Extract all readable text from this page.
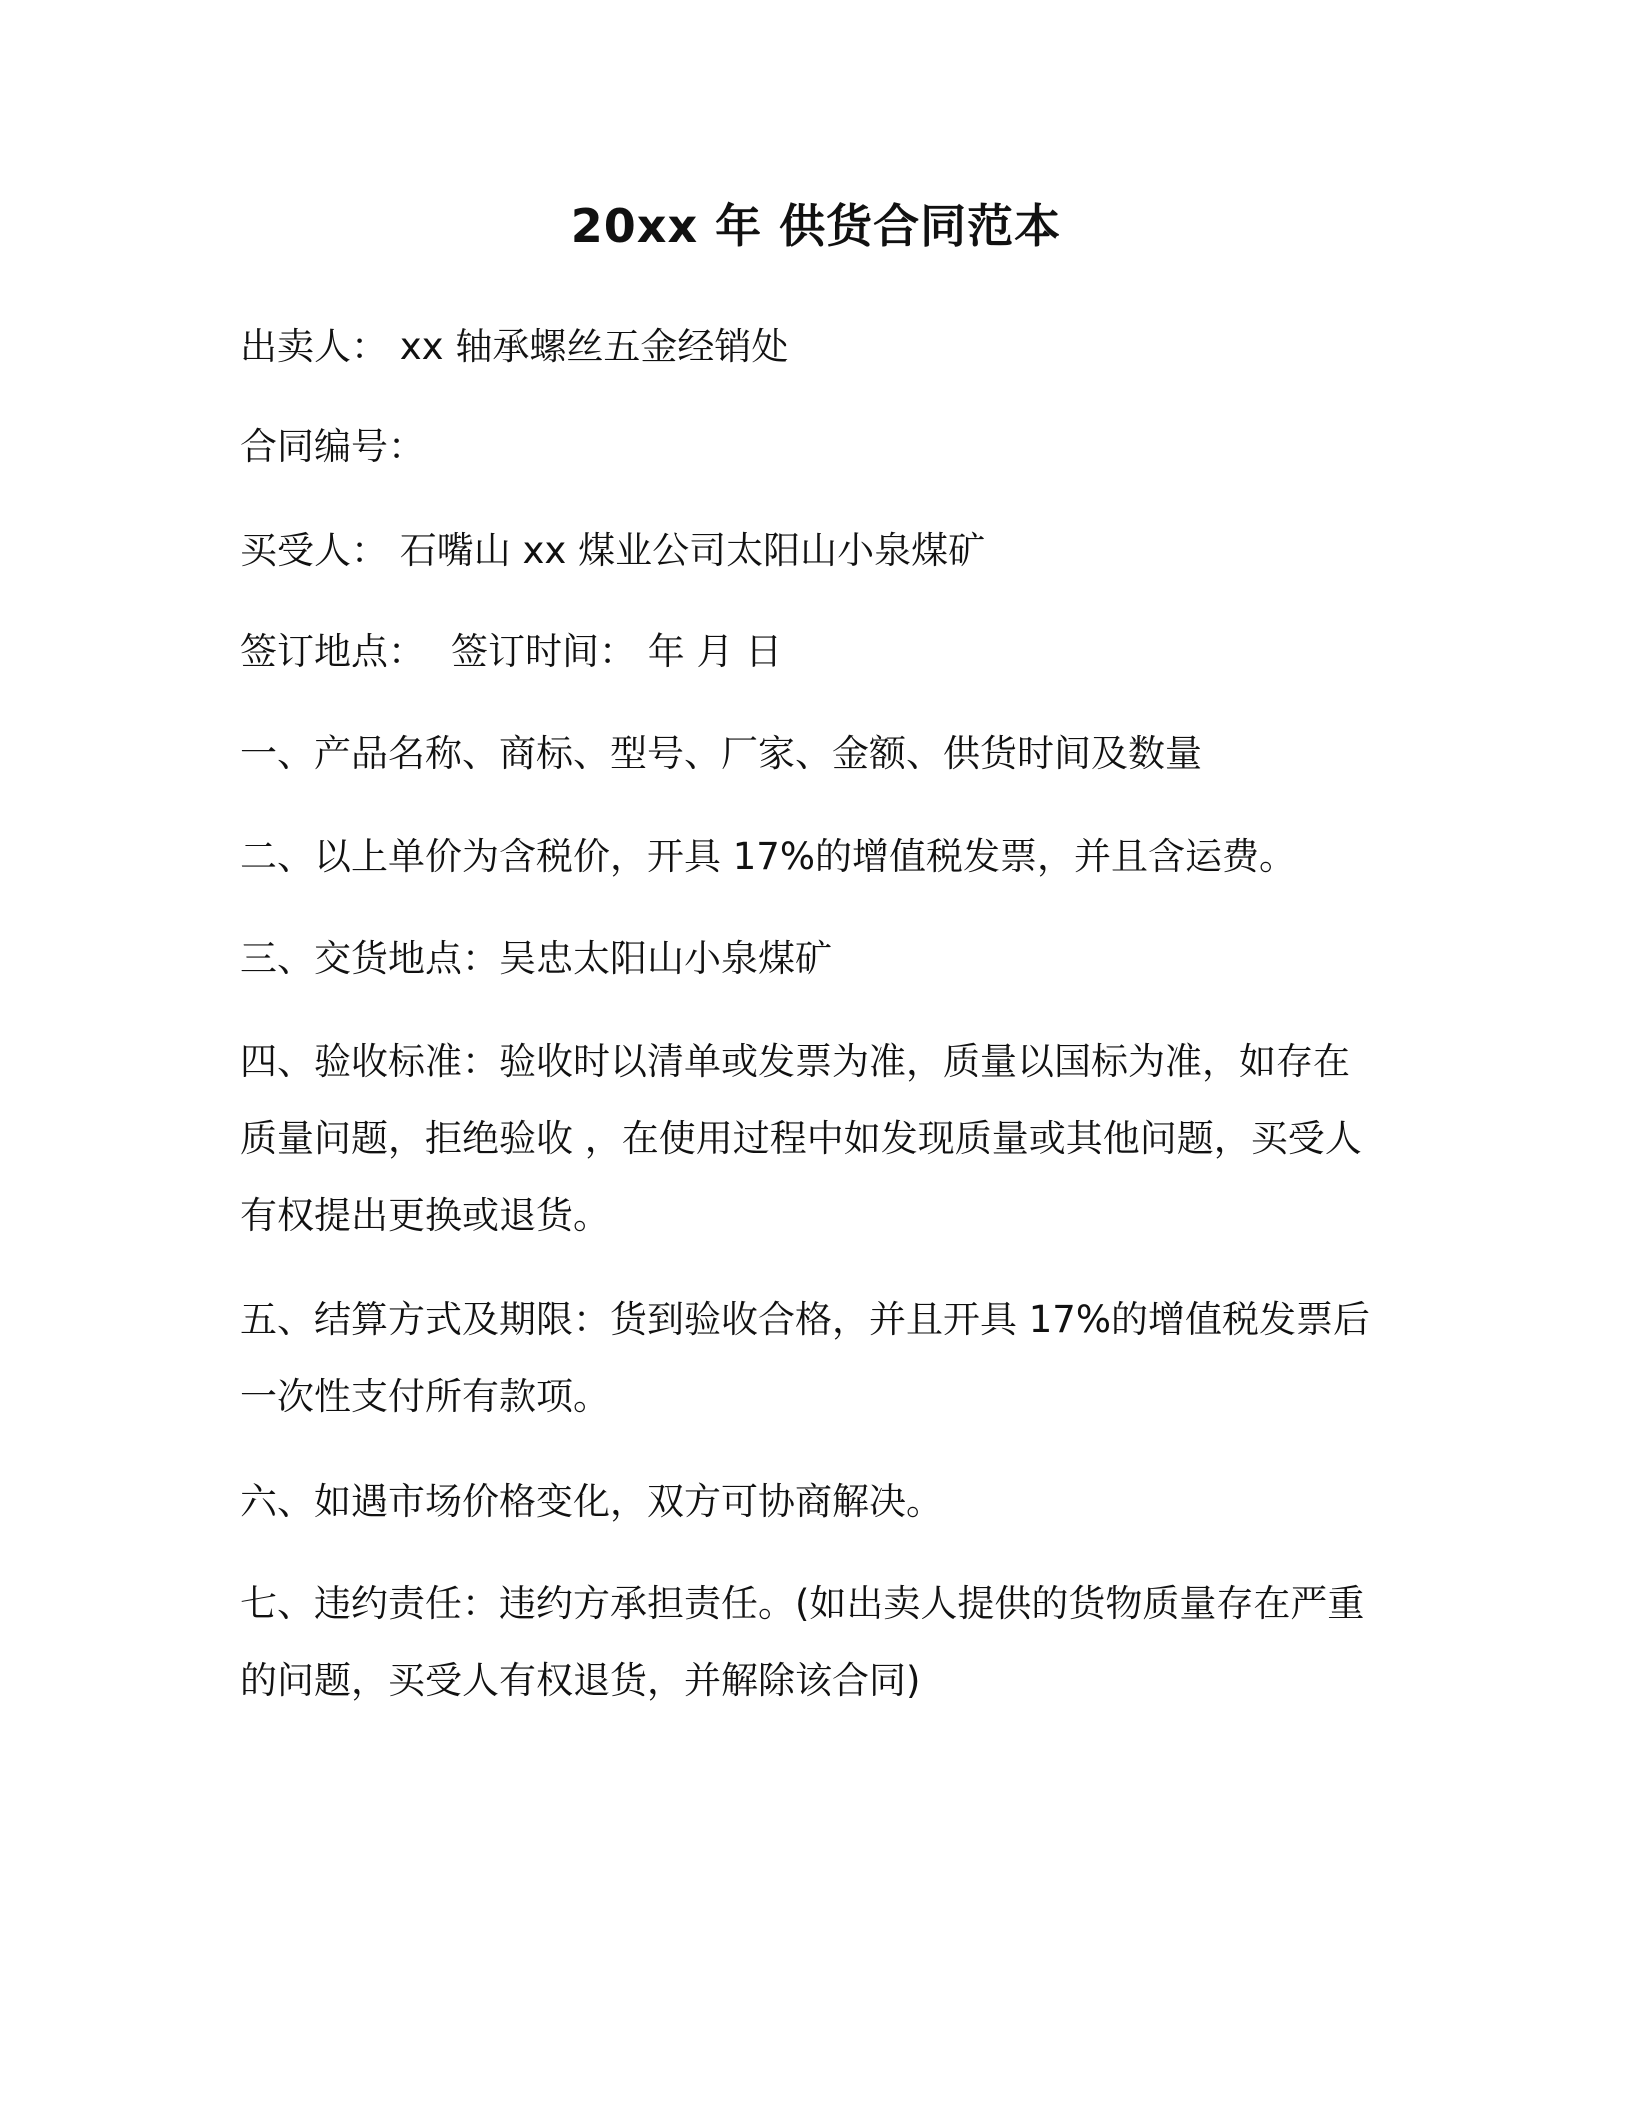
20xx 年 供货合同范本
出卖人： xx 轴承螺丝五金经销处
合同编号：
买受人： 石嘴山 xx 煤业公司太阳山小泉煤矿
签订地点： 签订时间： 年 月 日
一、产品名称、商标、型号、厂家、金额、供货时间及数量
二、以上单价为含税价，开具 17%的增值税发票，并且含运费。
三、交货地点：吴忠太阳山小泉煤矿
四、验收标准：验收时以清单或发票为准，质量以国标为准，如存在
质量问题，拒绝验收 ，在使用过程中如发现质量或其他问题，买受人
有权提出更换或退货。
五、结算方式及期限：货到验收合格，并且开具 17%的增值税发票后
一次性支付所有款项。
六、如遇市场价格变化，双方可协商解决。
七、违约责任：违约方承担责任。(如出卖人提供的货物质量存在严重
的问题，买受人有权退货，并解除该合同)
